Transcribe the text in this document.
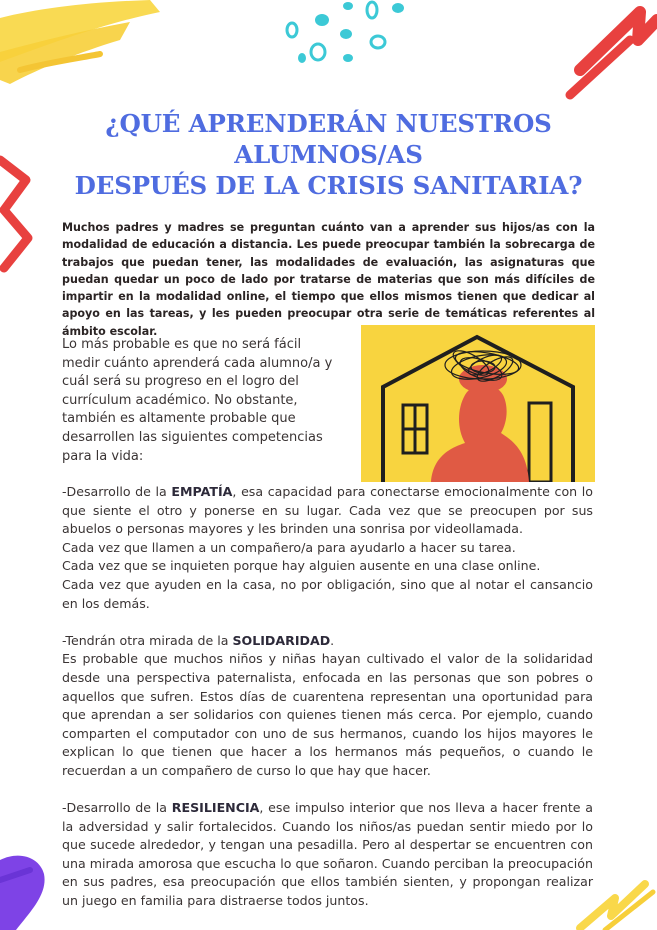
¿QUÉ APRENDERÁN NUESTROS
ALUMNOS/AS
DESPUÉS DE LA CRISIS SANITARIA?

Muchos padres y madres se preguntan cuánto van a aprender sus hijos/as con la modalidad de educación a distancia. Les puede preocupar también la sobrecarga de trabajos que puedan tener, las modalidades de evaluación, las asignaturas que puedan quedar un poco de lado por tratarse de materias que son más difíciles de impartir en la modalidad online, el tiempo que ellos mismos tienen que dedicar al apoyo en las tareas, y les pueden preocupar otra serie de temáticas referentes al ámbito escolar.

Lo más probable es que no será fácil medir cuánto aprenderá cada alumno/a y cuál será su progreso en el logro del currículum académico. No obstante, también es altamente probable que desarrollen las siguientes competencias para la vida:

-Desarrollo de la EMPATÍA, esa capacidad para conectarse emocionalmente con lo que siente el otro y ponerse en su lugar. Cada vez que se preocupen por sus abuelos o personas mayores y les brinden una sonrisa por videollamada.

Cada vez que llamen a un compañero/a para ayudarlo a hacer su tarea.

Cada vez que se inquieten porque hay alguien ausente en una clase online.

Cada vez que ayuden en la casa, no por obligación, sino que al notar el cansancio en los demás.

-Tendrán otra mirada de la SOLIDARIDAD.

Es probable que muchos niños y niñas hayan cultivado el valor de la solidaridad desde una perspectiva paternalista, enfocada en las personas que son pobres o aquellos que sufren. Estos días de cuarentena representan una oportunidad para que aprendan a ser solidarios con quienes tienen más cerca. Por ejemplo, cuando comparten el computador con uno de sus hermanos, cuando los hijos mayores le explican lo que tienen que hacer a los hermanos más pequeños, o cuando le recuerdan a un compañero de curso lo que hay que hacer.

-Desarrollo de la RESILIENCIA, ese impulso interior que nos lleva a hacer frente a la adversidad y salir fortalecidos. Cuando los niños/as puedan sentir miedo por lo que sucede alrededor, y tengan una pesadilla. Pero al despertar se encuentren con una mirada amorosa que escucha lo que soñaron. Cuando perciban la preocupación en sus padres, esa preocupación que ellos también sienten, y propongan realizar un juego en familia para distraerse todos juntos.
